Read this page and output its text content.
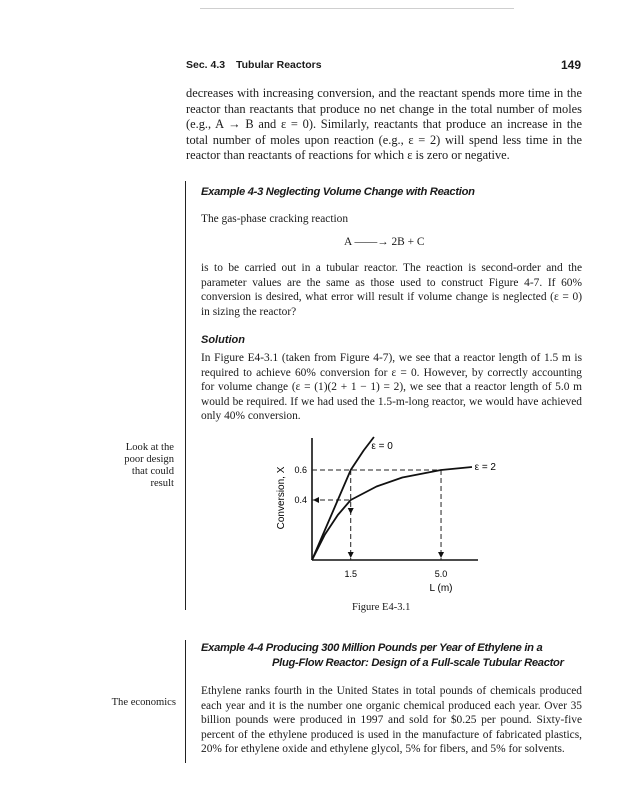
Sec. 4.3 Tubular Reactors	149
decreases with increasing conversion, and the reactant spends more time in the reactor than reactants that produce no net change in the total number of moles (e.g., A → B and ε = 0). Similarly, reactants that produce an increase in the total number of moles upon reaction (e.g., ε = 2) will spend less time in the reactor than reactants of reactions for which ε is zero or negative.
Example 4-3 Neglecting Volume Change with Reaction
The gas-phase cracking reaction
A ——→ 2B + C
is to be carried out in a tubular reactor. The reaction is second-order and the parameter values are the same as those used to construct Figure 4-7. If 60% conversion is desired, what error will result if volume change is neglected (ε = 0) in sizing the reactor?
Solution
In Figure E4-3.1 (taken from Figure 4-7), we see that a reactor length of 1.5 m is required to achieve 60% conversion for ε = 0. However, by correctly accounting for volume change (ε = (1)(2 + 1 − 1) = 2), we see that a reactor length of 5.0 m would be required. If we had used the 1.5-m-long reactor, we would have achieved only 40% conversion.
Look at the poor design that could result
1.5	5.0
0.6
0.4
ε = 0
ε = 2
L (m)
Conversion, X
Figure E4-3.1
Example 4-4 Producing 300 Million Pounds per Year of Ethylene in a
Plug-Flow Reactor: Design of a Full-scale Tubular Reactor
Ethylene ranks fourth in the United States in total pounds of chemicals produced each year and it is the number one organic chemical produced each year. Over 35 billion pounds were produced in 1997 and sold for $0.25 per pound. Sixty-five percent of the ethylene produced is used in the manufacture of fabricated plastics, 20% for ethylene oxide and ethylene glycol, 5% for fibers, and 5% for solvents.
The economics
